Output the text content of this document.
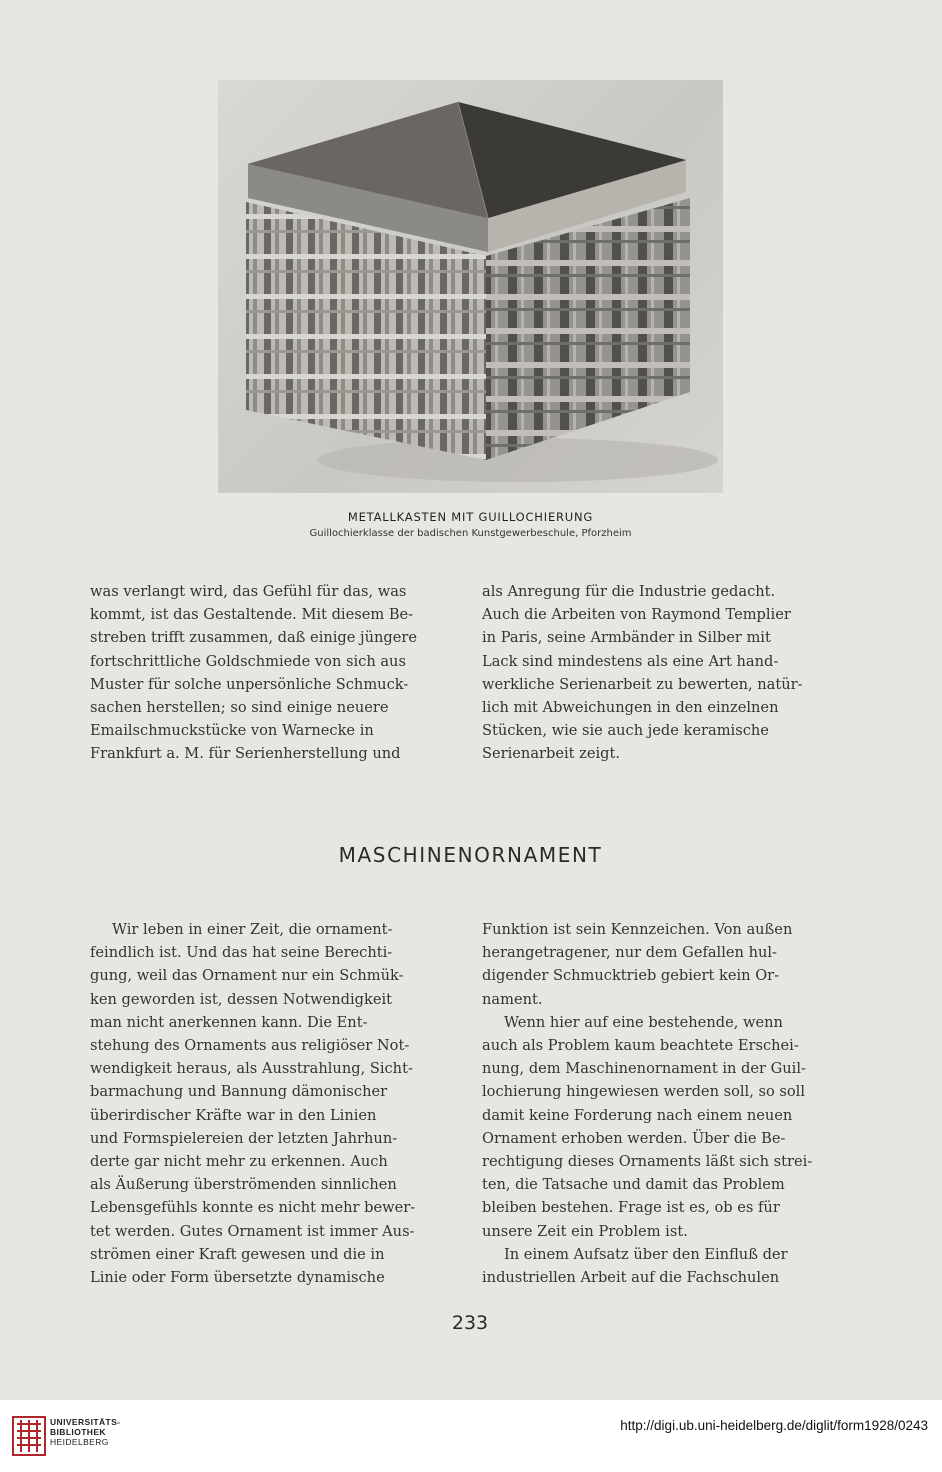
METALLKASTEN MIT GUILLOCHIERUNG
Guillochierklasse der badischen Kunstgewerbeschule, Pforzheim

was verlangt wird, das Gefühl für das, was

kommt, ist das Gestaltende. Mit diesem Be-

streben trifft zusammen, daß einige jüngere

fortschrittliche Goldschmiede von sich aus

Muster für solche unpersönliche Schmuck-

sachen herstellen; so sind einige neuere

Emailschmuckstücke von Warnecke in

Frankfurt a. M. für Serienherstellung und

als Anregung für die Industrie gedacht.

Auch die Arbeiten von Raymond Templier

in Paris, seine Armbänder in Silber mit

Lack sind mindestens als eine Art hand-

werkliche Serienarbeit zu bewerten, natür-

lich mit Abweichungen in den einzelnen

Stücken, wie sie auch jede keramische

Serienarbeit zeigt.

MASCHINENORNAMENT

Wir leben in einer Zeit, die ornament-

feindlich ist. Und das hat seine Berechti-

gung, weil das Ornament nur ein Schmük-

ken geworden ist, dessen Notwendigkeit

man nicht anerkennen kann. Die Ent-

stehung des Ornaments aus religiöser Not-

wendigkeit heraus, als Ausstrahlung, Sicht-

barmachung und Bannung dämonischer

überirdischer Kräfte war in den Linien

und Formspielereien der letzten Jahrhun-

derte gar nicht mehr zu erkennen. Auch

als Äußerung überströmenden sinnlichen

Lebensgefühls konnte es nicht mehr bewer-

tet werden. Gutes Ornament ist immer Aus-

strömen einer Kraft gewesen und die in

Linie oder Form übersetzte dynamische

Funktion ist sein Kennzeichen. Von außen

herangetragener, nur dem Gefallen hul-

digender Schmucktrieb gebiert kein Or-

nament.

Wenn hier auf eine bestehende, wenn

auch als Problem kaum beachtete Erschei-

nung, dem Maschinenornament in der Guil-

lochierung hingewiesen werden soll, so soll

damit keine Forderung nach einem neuen

Ornament erhoben werden. Über die Be-

rechtigung dieses Ornaments läßt sich strei-

ten, die Tatsache und damit das Problem

bleiben bestehen. Frage ist es, ob es für

unsere Zeit ein Problem ist.

In einem Aufsatz über den Einfluß der

industriellen Arbeit auf die Fachschulen

233
UNIVERSITÄTS-
BIBLIOTHEK
HEIDELBERG
http://digi.ub.uni-heidelberg.de/diglit/form1928/0243
